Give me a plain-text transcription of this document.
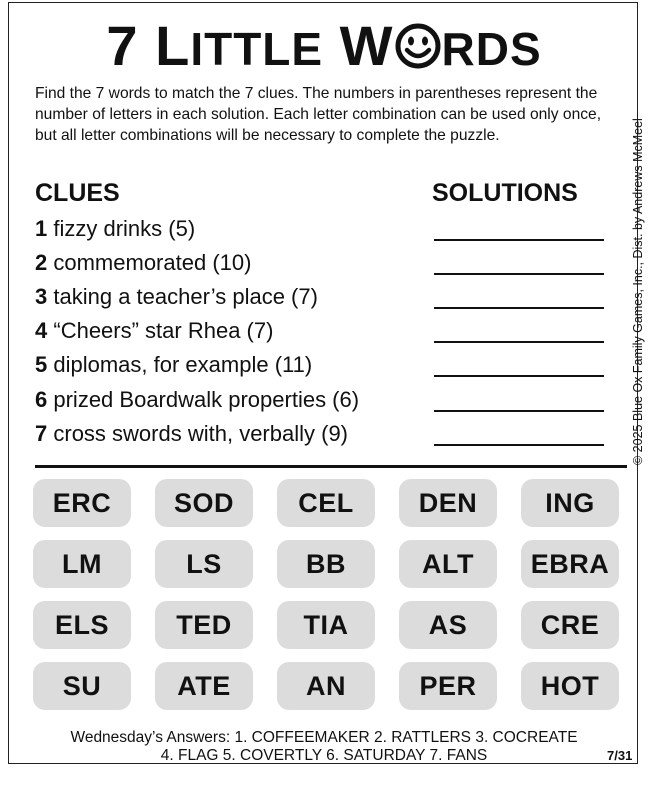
7 LITTLE W RDS
Find the 7 words to match the 7 clues. The numbers in parentheses represent the number of letters in each solution. Each letter combination can be used only once, but all letter combinations will be necessary to complete the puzzle.	© 2025 Blue Ox Family Games, Inc., Dist. by Andrews McMeel
CLUES	SOLUTIONS
1 fizzy drinks (5)
2 commemorated (10)
3 taking a teacher’s place (7)
4 “Cheers” star Rhea (7)
5 diplomas, for example (11)
6 prized Boardwalk properties (6)
7 cross swords with, verbally (9)
ERC	SOD	CEL	DEN	ING
LM	LS	BB	ALT	EBRA
ELS	TED	TIA	AS	CRE
SU	ATE	AN	PER	HOT
Wednesday’s Answers: 1. COFFEEMAKER 2. RATTLERS 3. COCREATE
4. FLAG 5. COVERTLY 6. SATURDAY 7. FANS	7/31
